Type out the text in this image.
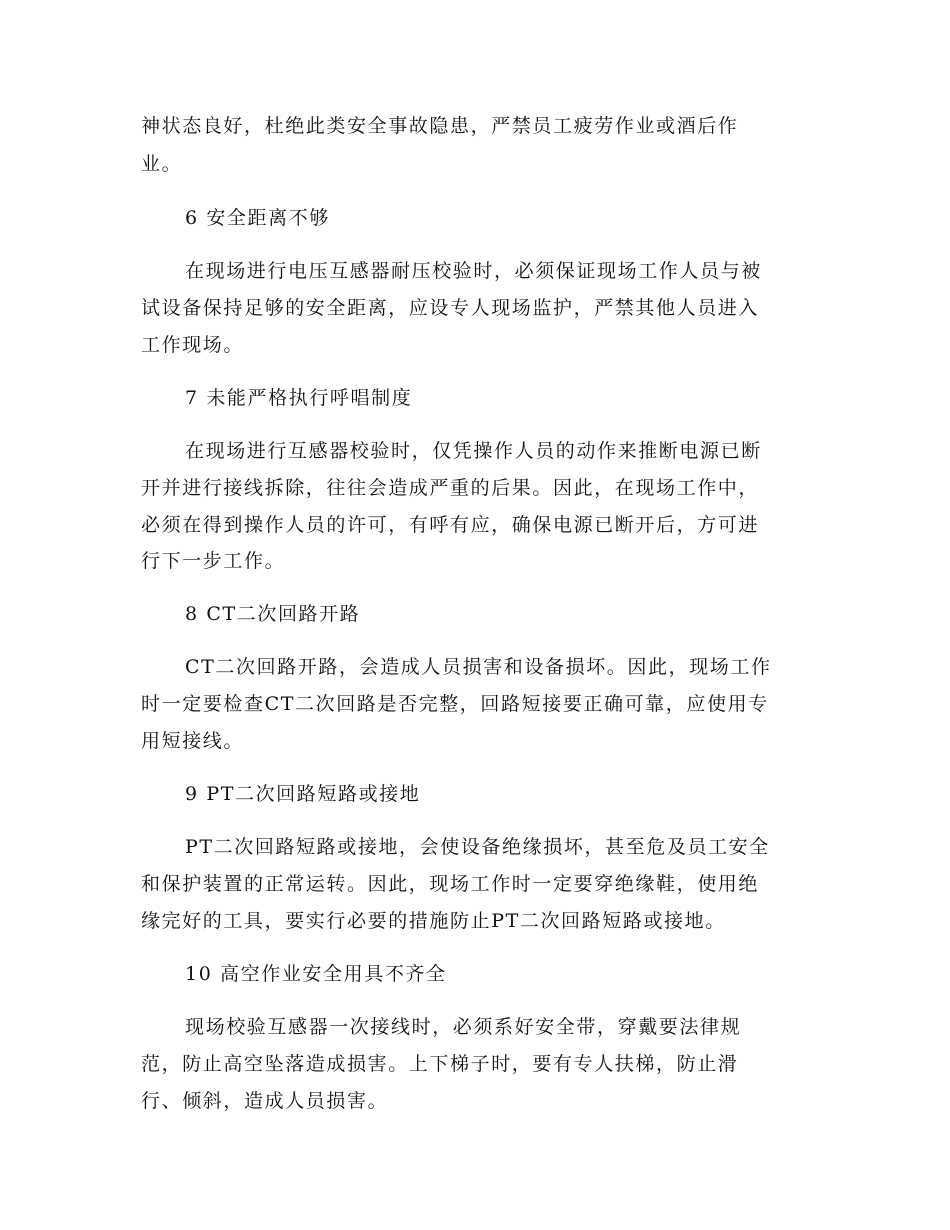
神状态良好，杜绝此类安全事故隐患，严禁员工疲劳作业或酒后作
业。
6 安全距离不够
在现场进行电压互感器耐压校验时，必须保证现场工作人员与被
试设备保持足够的安全距离，应设专人现场监护，严禁其他人员进入
工作现场。
7 未能严格执行呼唱制度
在现场进行互感器校验时，仅凭操作人员的动作来推断电源已断
开并进行接线拆除，往往会造成严重的后果。因此，在现场工作中，
必须在得到操作人员的许可，有呼有应，确保电源已断开后，方可进
行下一步工作。
8 CT二次回路开路
CT二次回路开路，会造成人员损害和设备损坏。因此，现场工作
时一定要检查CT二次回路是否完整，回路短接要正确可靠，应使用专
用短接线。
9 PT二次回路短路或接地
PT二次回路短路或接地，会使设备绝缘损坏，甚至危及员工安全
和保护装置的正常运转。因此，现场工作时一定要穿绝缘鞋，使用绝
缘完好的工具，要实行必要的措施防止PT二次回路短路或接地。
10 高空作业安全用具不齐全
现场校验互感器一次接线时，必须系好安全带，穿戴要法律规
范，防止高空坠落造成损害。上下梯子时，要有专人扶梯，防止滑
行、倾斜，造成人员损害。
